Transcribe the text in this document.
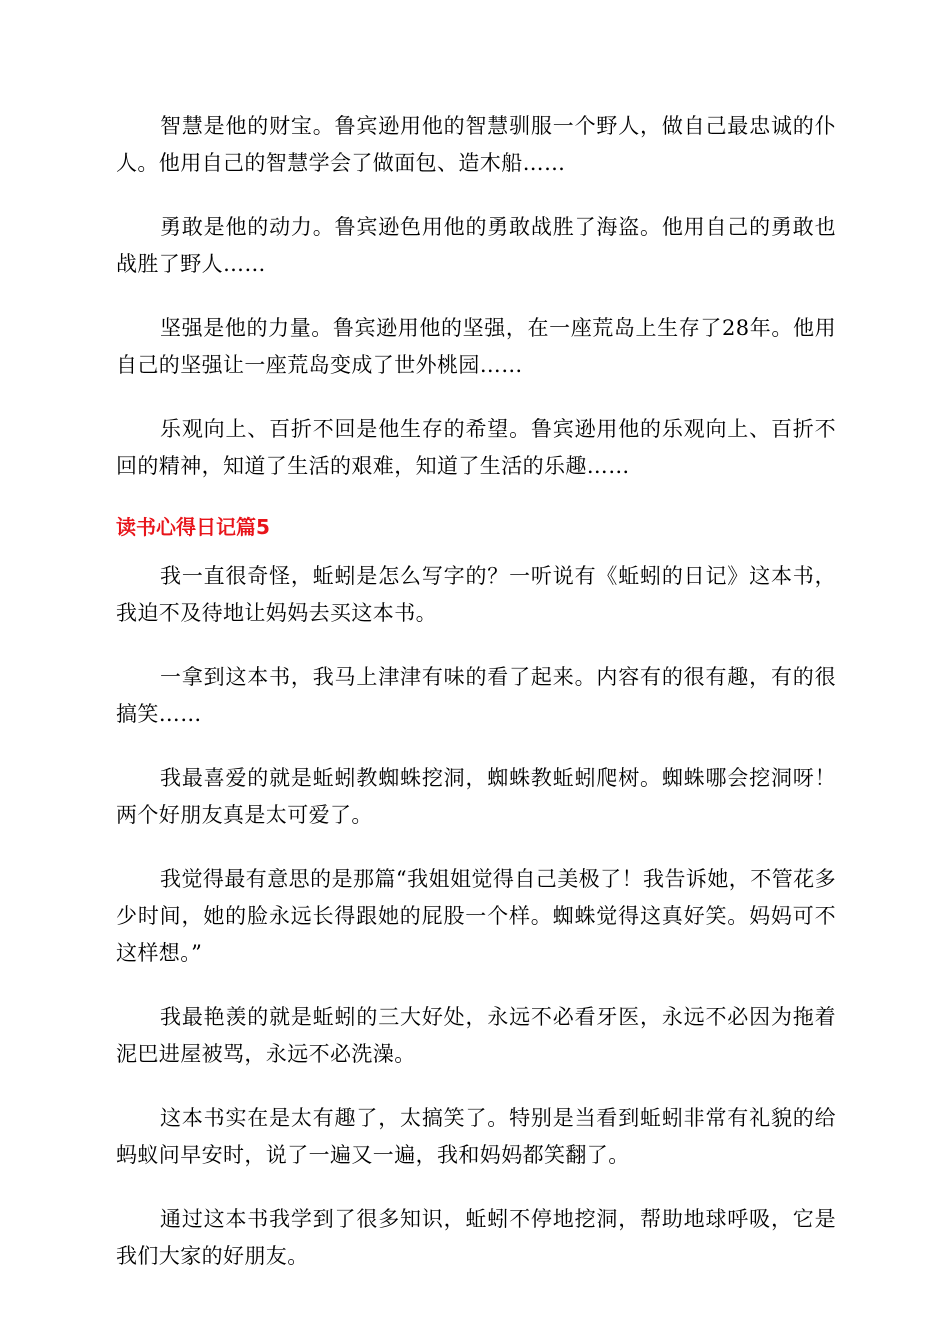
智慧是他的财宝。鲁宾逊用他的智慧驯服一个野人，做自己最忠诚的仆人。他用自己的智慧学会了做面包、造木船……

勇敢是他的动力。鲁宾逊色用他的勇敢战胜了海盗。他用自己的勇敢也战胜了野人……

坚强是他的力量。鲁宾逊用他的坚强，在一座荒岛上生存了28年。他用自己的坚强让一座荒岛变成了世外桃园……

乐观向上、百折不回是他生存的希望。鲁宾逊用他的乐观向上、百折不回的精神，知道了生活的艰难，知道了生活的乐趣……

读书心得日记篇5

我一直很奇怪，蚯蚓是怎么写字的？一听说有《蚯蚓的日记》这本书，我迫不及待地让妈妈去买这本书。

一拿到这本书，我马上津津有味的看了起来。内容有的很有趣，有的很搞笑……

我最喜爱的就是蚯蚓教蜘蛛挖洞，蜘蛛教蚯蚓爬树。蜘蛛哪会挖洞呀！两个好朋友真是太可爱了。

我觉得最有意思的是那篇“我姐姐觉得自己美极了！我告诉她，不管花多少时间，她的脸永远长得跟她的屁股一个样。蜘蛛觉得这真好笑。妈妈可不这样想。”

我最艳羡的就是蚯蚓的三大好处，永远不必看牙医，永远不必因为拖着泥巴进屋被骂，永远不必洗澡。

这本书实在是太有趣了，太搞笑了。特别是当看到蚯蚓非常有礼貌的给蚂蚁问早安时，说了一遍又一遍，我和妈妈都笑翻了。

通过这本书我学到了很多知识，蚯蚓不停地挖洞，帮助地球呼吸，它是我们大家的好朋友。
